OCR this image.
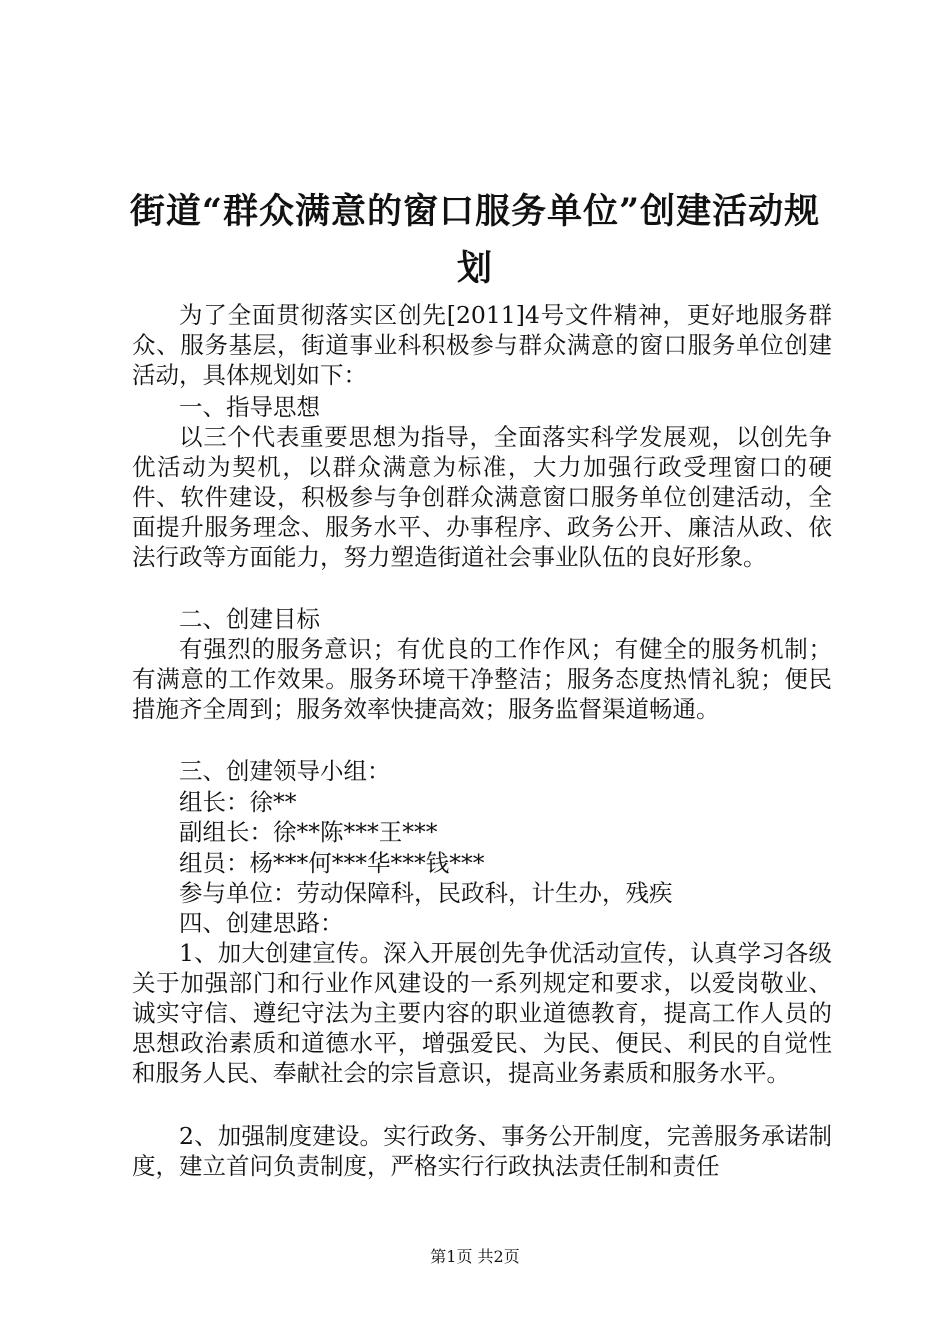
街道“群众满意的窗口服务单位”创建活动规
划

为了全面贯彻落实区创先[2011]4号文件精神，更好地服务群众、服务基层，街道事业科积极参与群众满意的窗口服务单位创建活动，具体规划如下：

一、指导思想

以三个代表重要思想为指导，全面落实科学发展观，以创先争优活动为契机，以群众满意为标准，大力加强行政受理窗口的硬件、软件建设，积极参与争创群众满意窗口服务单位创建活动，全面提升服务理念、服务水平、办事程序、政务公开、廉洁从政、依法行政等方面能力，努力塑造街道社会事业队伍的良好形象。

二、创建目标

有强烈的服务意识；有优良的工作作风；有健全的服务机制；有满意的工作效果。服务环境干净整洁；服务态度热情礼貌；便民措施齐全周到；服务效率快捷高效；服务监督渠道畅通。

三、创建领导小组：

组长：徐**

副组长：徐**陈***王***

组员：杨***何***华***钱***

参与单位：劳动保障科，民政科，计生办，残疾

四、创建思路：

1、加大创建宣传。深入开展创先争优活动宣传，认真学习各级关于加强部门和行业作风建设的一系列规定和要求，以爱岗敬业、诚实守信、遵纪守法为主要内容的职业道德教育，提高工作人员的思想政治素质和道德水平，增强爱民、为民、便民、利民的自觉性和服务人民、奉献社会的宗旨意识，提高业务素质和服务水平。

2、加强制度建设。实行政务、事务公开制度，完善服务承诺制度，建立首问负责制度，严格实行行政执法责任制和责任

第1页 共2页
